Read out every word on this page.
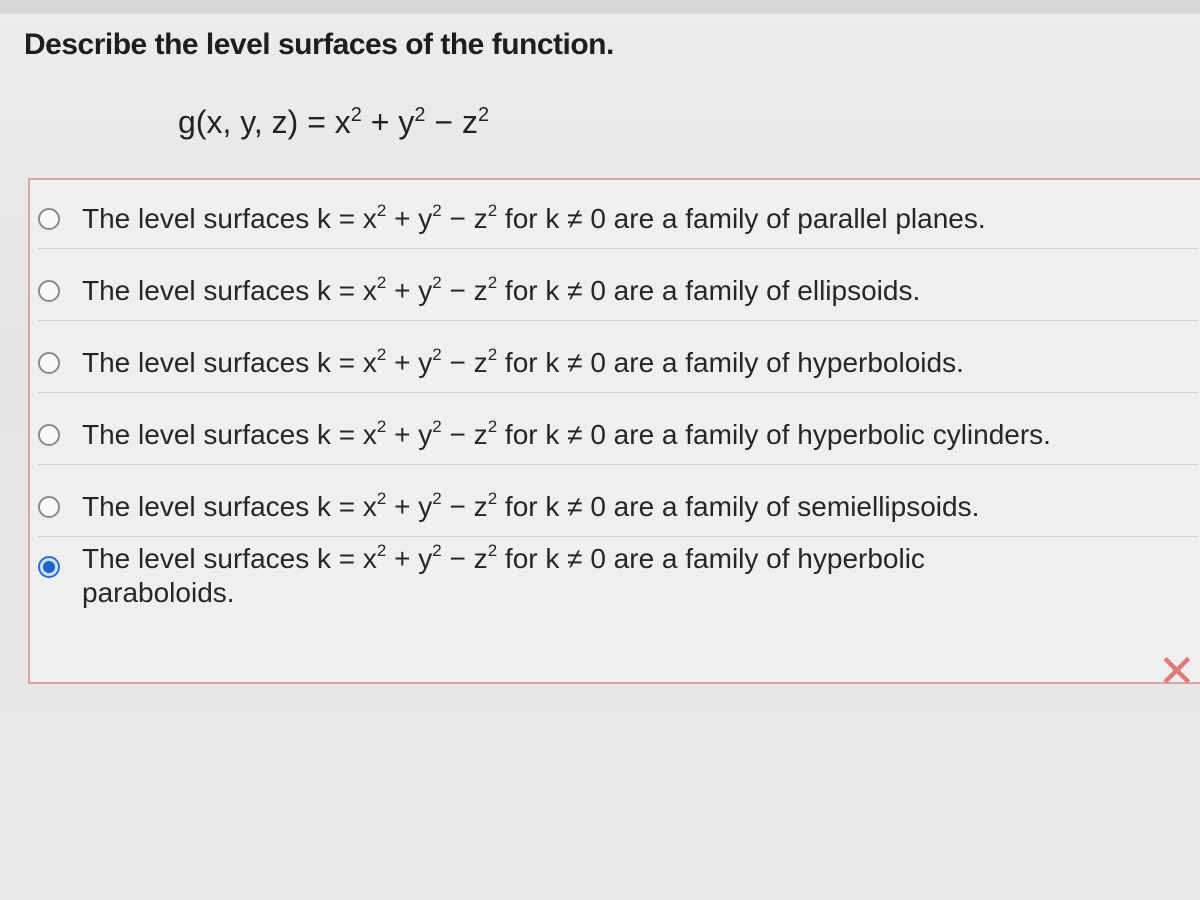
Describe the level surfaces of the function.
g(x, y, $z) = x^2 + y^2 - z^2$
The level surfaces $k = x^2 + y^2 - z^2$ for k ≠ 0 are a family of parallel planes.
The level surfaces $k = x^2 + y^2 - z^2$ for k ≠ 0 are a family of ellipsoids.
The level surfaces $k = x^2 + y^2 - z^2$ for k ≠ 0 are a family of hyperboloids.
The level surfaces $k = x^2 + y^2 - z^2$ for k ≠ 0 are a family of hyperbolic cylinders.
The level surfaces $k = x^2 + y^2 - z^2$ for k ≠ 0 are a family of semiellipsoids.
The level surfaces $k = x^2 + y^2 - z^2$ for k ≠ 0 are a family of hyperbolic paraboloids.
✕
